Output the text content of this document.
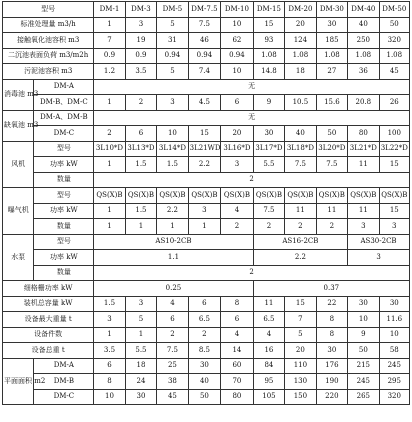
型号		DM-1	DM-3	DM-5	DM-7.5	DM-10	DM-15	DM-20	DM-30	DM-40	DM-50
标准处理量 m3/h		1	3	5	7.5	10	15	20	30	40	50
接触氧化池容积 m3		7	19	31	46	62	93	124	185	250	320
二沉池表面负荷 m3/m2h		0.9	0.9	0.94	0.94	0.94	1.08	1.08	1.08	1.08	1.08
污泥池容积 m3		1.2	3.5	5	7.4	10	14.8	18	27	36	45
消毒池 m3	DM-A	无									
	DM-B、DM-C	1	2	3	4.5	6	9	10.5	15.6	20.8	26
缺氧池 m3	DM-A、DM-B	无									
	DM-C	2	6	10	15	20	30	40	50	80	100
风机	型号	3L10*D	3L13*D	3L14*D	3L21WD	3L16*D	3L17*D	3L18*D	3L20*D	3L21*D	3L22*D
	功率 kW	1	1.5	1.5	2.2	3	5.5	7.5	7.5	11	15
	数量	2									
曝气机	型号	QS(X)B	QS(X)B	QS(X)B	QS(X)B	QS(X)B	QS(X)B	QS(X)B	QS(X)B	QS(X)B	QS(X)B
	功率 kW	1	1.5	2.2	3	4	7.5	11	11	11	15
	数量	1	1	1	1	2	2	2	2	3	3
水泵	型号	AS10-2CB					AS16-2CB			AS30-2CB	
	功率 kW	1.1					2.2			3	
	数量	2									
细格栅功率 kW		0.25					0.37				
装机总容量 kW		1.5	3	4	6	8	11	15	22	30	30
设备最大重量 t		3	5	6	6.5	6	6.5	7	8	10	11.6
设备件数		1	1	2	2	4	4	5	8	9	10
设备总重 t		3.5	5.5	7.5	8.5	14	16	20	30	50	58
平面面积 m2	DM-A	6	18	25	30	60	84	110	176	215	245
	DM-B	8	24	38	40	70	95	130	190	245	295
	DM-C	10	30	45	50	80	105	150	220	265	320
